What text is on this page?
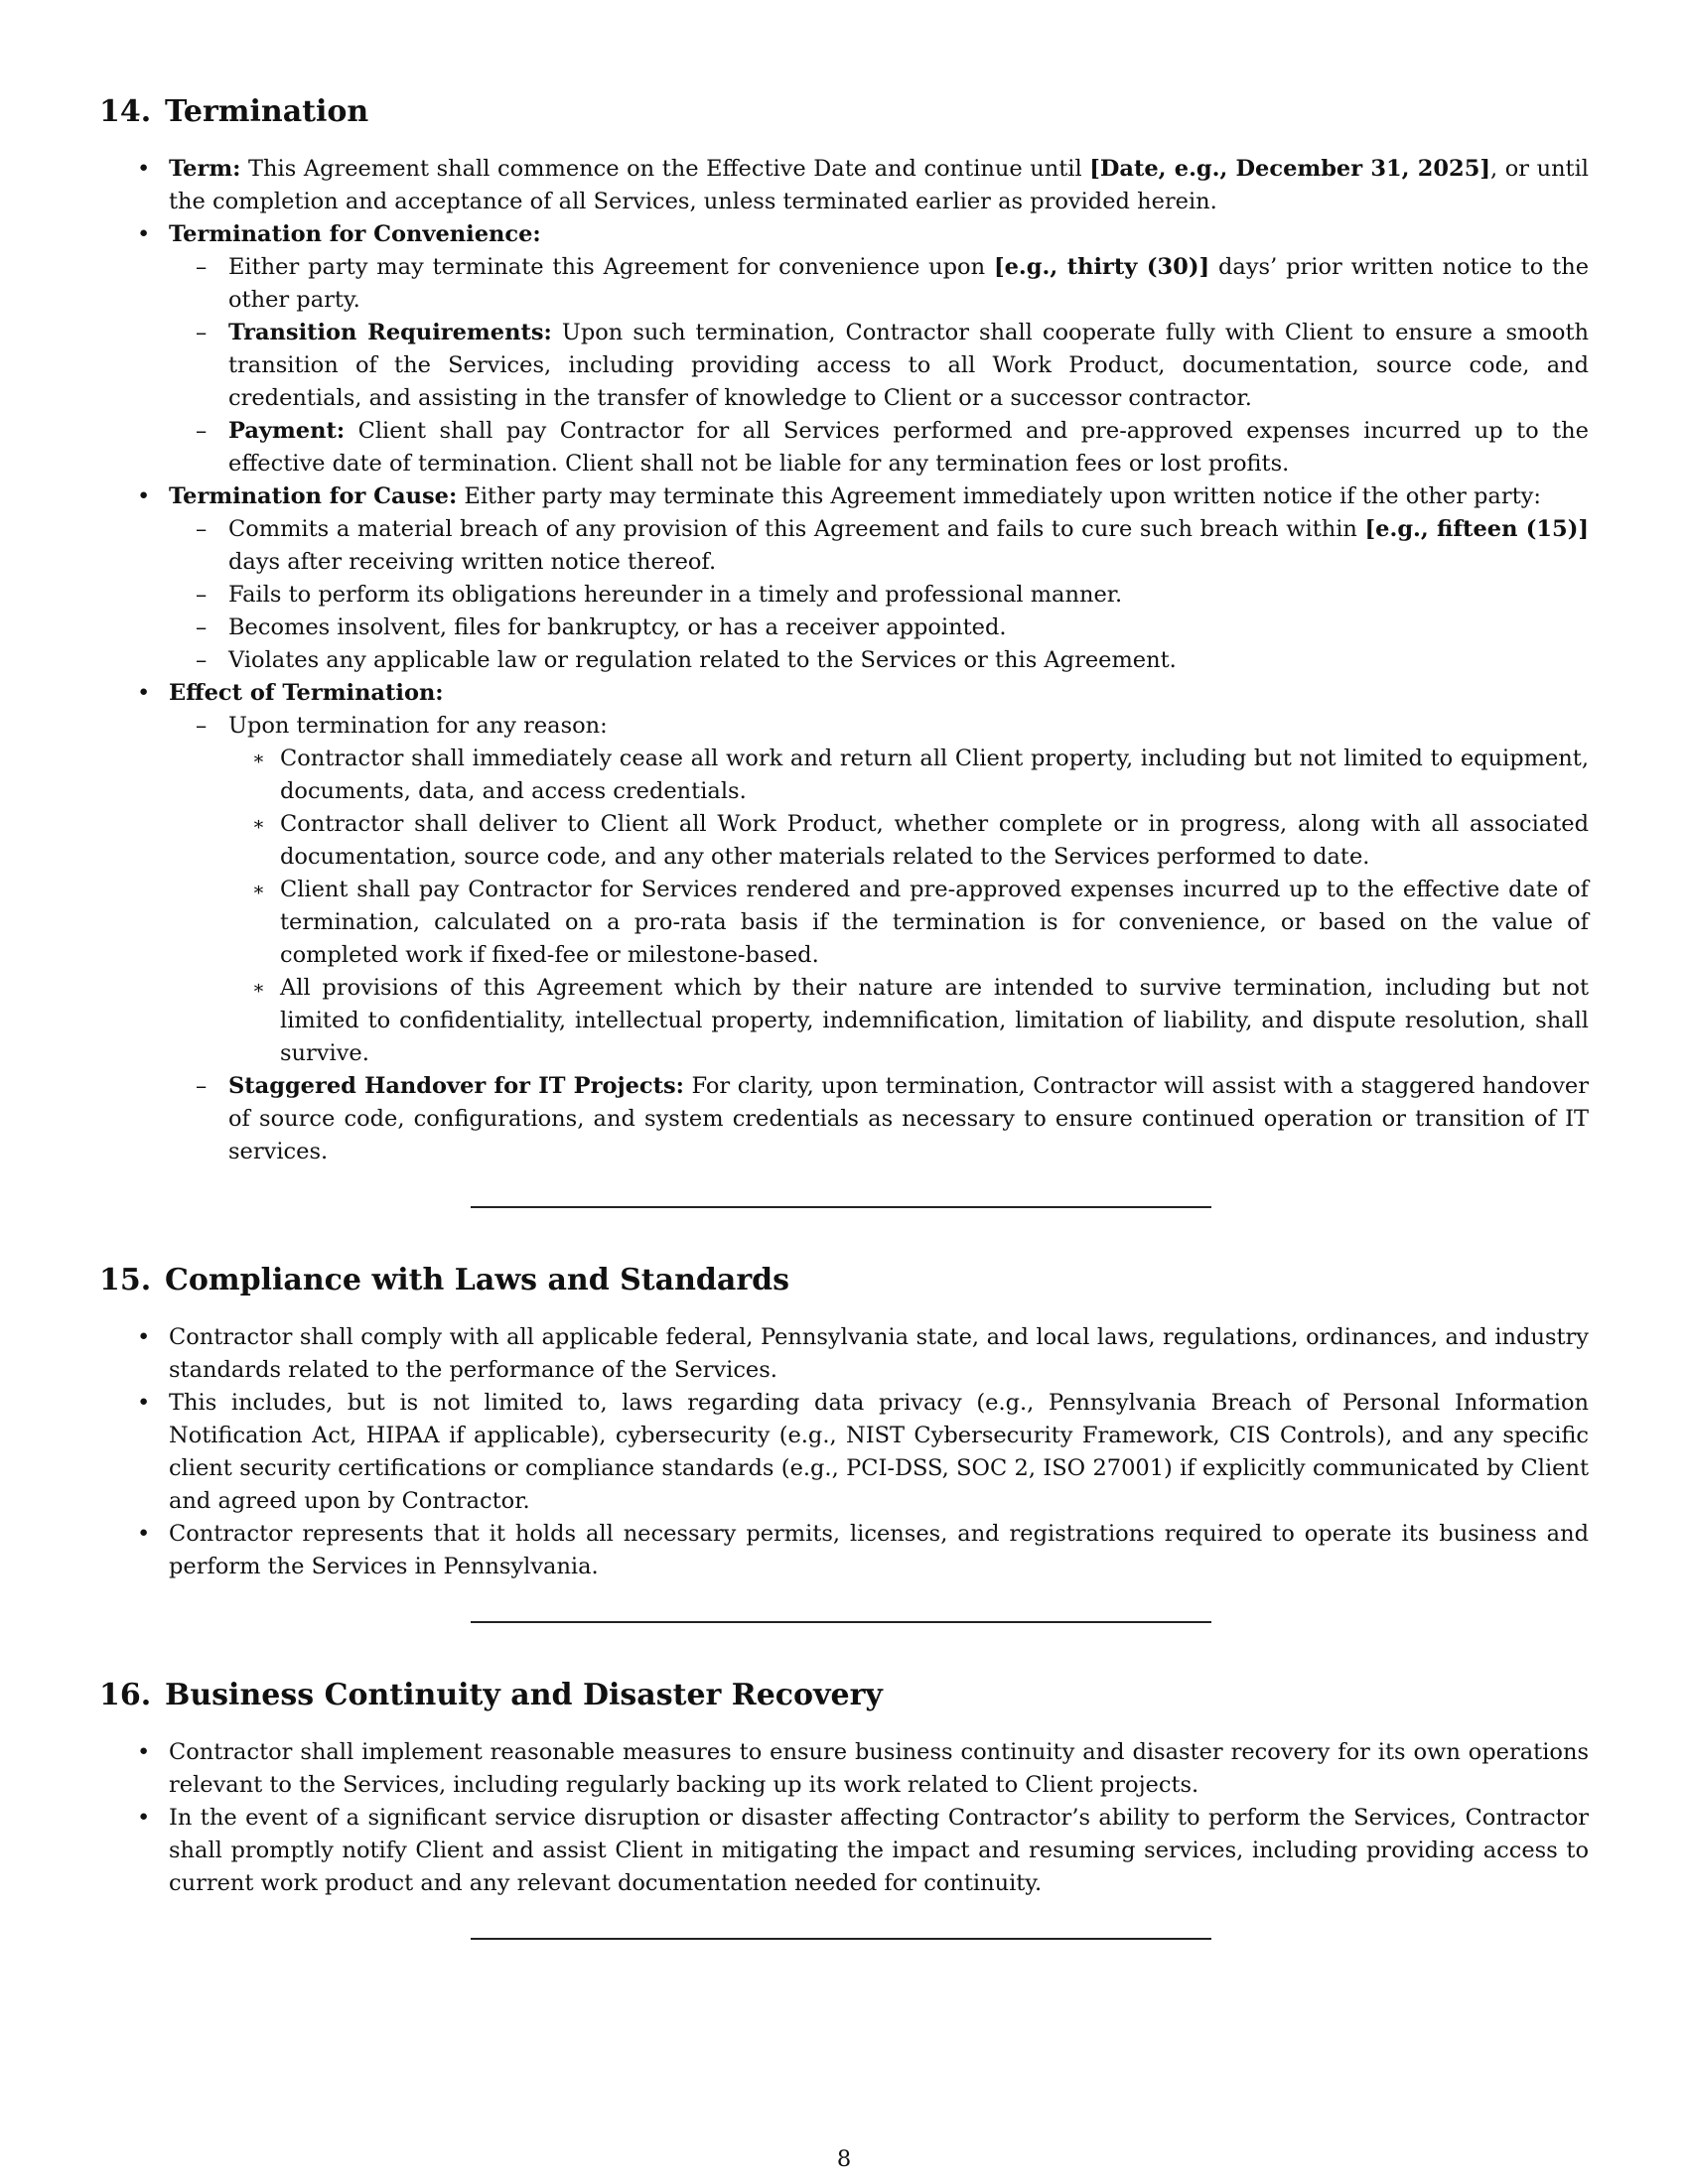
14. Termination
• Term: This Agreement shall commence on the Effective Date and continue until [Date, e.g., December 31, 2025], or until the completion and acceptance of all Services, unless terminated earlier as provided herein.
• Termination for Convenience:
– Either party may terminate this Agreement for convenience upon [e.g., thirty (30)] days’ prior written notice to the other party.
– Transition Requirements: Upon such termination, Contractor shall cooperate fully with Client to ensure a smooth transition of the Services, including providing access to all Work Product, documentation, source code, and credentials, and assisting in the transfer of knowledge to Client or a successor contractor.
– Payment: Client shall pay Contractor for all Services performed and pre-approved expenses incurred up to the effective date of termination. Client shall not be liable for any termination fees or lost profits.
• Termination for Cause: Either party may terminate this Agreement immediately upon written notice if the other party:
– Commits a material breach of any provision of this Agreement and fails to cure such breach within [e.g., fifteen (15)] days after receiving written notice thereof.
– Fails to perform its obligations hereunder in a timely and professional manner.
– Becomes insolvent, files for bankruptcy, or has a receiver appointed.
– Violates any applicable law or regulation related to the Services or this Agreement.
• Effect of Termination:
– Upon termination for any reason:
∗ Contractor shall immediately cease all work and return all Client property, including but not limited to equipment, documents, data, and access credentials.
∗ Contractor shall deliver to Client all Work Product, whether complete or in progress, along with all associated documentation, source code, and any other materials related to the Services performed to date.
∗ Client shall pay Contractor for Services rendered and pre-approved expenses incurred up to the effective date of termination, calculated on a pro-rata basis if the termination is for convenience, or based on the value of completed work if fixed-fee or milestone-based.
∗ All provisions of this Agreement which by their nature are intended to survive termination, including but not limited to confidentiality, intellectual property, indemnification, limitation of liability, and dispute resolution, shall survive.
– Staggered Handover for IT Projects: For clarity, upon termination, Contractor will assist with a staggered handover of source code, configurations, and system credentials as necessary to ensure continued operation or transition of IT services.
15. Compliance with Laws and Standards
• Contractor shall comply with all applicable federal, Pennsylvania state, and local laws, regulations, ordinances, and industry standards related to the performance of the Services.
• This includes, but is not limited to, laws regarding data privacy (e.g., Pennsylvania Breach of Personal Information Notification Act, HIPAA if applicable), cybersecurity (e.g., NIST Cybersecurity Framework, CIS Controls), and any specific client security certifications or compliance standards (e.g., PCI-DSS, SOC 2, ISO 27001) if explicitly communicated by Client and agreed upon by Contractor.
• Contractor represents that it holds all necessary permits, licenses, and registrations required to operate its business and perform the Services in Pennsylvania.
16. Business Continuity and Disaster Recovery
• Contractor shall implement reasonable measures to ensure business continuity and disaster recovery for its own operations relevant to the Services, including regularly backing up its work related to Client projects.
• In the event of a significant service disruption or disaster affecting Contractor’s ability to perform the Services, Contractor shall promptly notify Client and assist Client in mitigating the impact and resuming services, including providing access to current work product and any relevant documentation needed for continuity.
8
